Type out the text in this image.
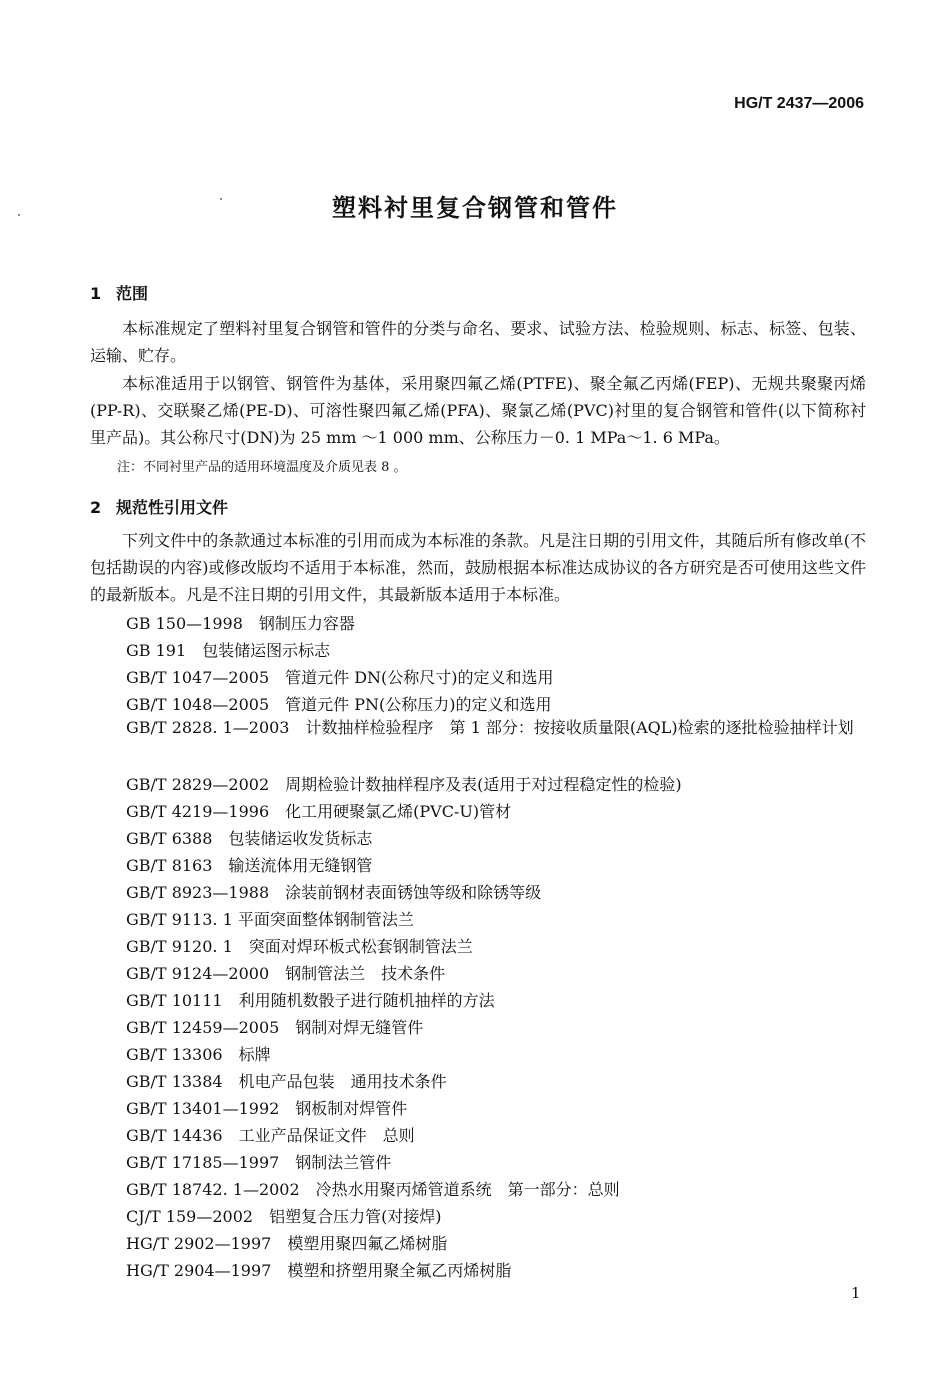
HG/T 2437—2006
塑料衬里复合钢管和管件
1 范围
本标准规定了塑料衬里复合钢管和管件的分类与命名、要求、试验方法、检验规则、标志、标签、包装、运输、贮存。
本标准适用于以钢管、钢管件为基体，采用聚四氟乙烯(PTFE)、聚全氟乙丙烯(FEP)、无规共聚聚丙烯(PP-R)、交联聚乙烯(PE-D)、可溶性聚四氟乙烯(PFA)、聚氯乙烯(PVC)衬里的复合钢管和管件(以下简称衬里产品)。其公称尺寸(DN)为 25 mm ～1 000 mm、公称压力－0. 1 MPa～1. 6 MPa。
注：不同衬里产品的适用环境温度及介质见表 8 。
2 规范性引用文件
下列文件中的条款通过本标准的引用而成为本标准的条款。凡是注日期的引用文件，其随后所有修改单(不包括勘误的内容)或修改版均不适用于本标准，然而，鼓励根据本标准达成协议的各方研究是否可使用这些文件的最新版本。凡是不注日期的引用文件，其最新版本适用于本标准。
GB 150—1998　钢制压力容器
GB 191　包装储运图示标志
GB/T 1047—2005　管道元件 DN(公称尺寸)的定义和选用
GB/T 1048—2005　管道元件 PN(公称压力)的定义和选用
GB/T 2828. 1—2003　计数抽样检验程序　第 1 部分：按接收质量限(AQL)检索的逐批检验抽样计划
GB/T 2829—2002　周期检验计数抽样程序及表(适用于对过程稳定性的检验)
GB/T 4219—1996　化工用硬聚氯乙烯(PVC-U)管材
GB/T 6388　包装储运收发货标志
GB/T 8163　输送流体用无缝钢管
GB/T 8923—1988　涂装前钢材表面锈蚀等级和除锈等级
GB/T 9113. 1 平面突面整体钢制管法兰
GB/T 9120. 1　突面对焊环板式松套钢制管法兰
GB/T 9124—2000　钢制管法兰　技术条件
GB/T 10111　利用随机数骰子进行随机抽样的方法
GB/T 12459—2005　钢制对焊无缝管件
GB/T 13306　标牌
GB/T 13384　机电产品包装　通用技术条件
GB/T 13401—1992　钢板制对焊管件
GB/T 14436　工业产品保证文件　总则
GB/T 17185—1997　钢制法兰管件
GB/T 18742. 1—2002　冷热水用聚丙烯管道系统　第一部分：总则
CJ/T 159—2002　铝塑复合压力管(对接焊)
HG/T 2902—1997　模塑用聚四氟乙烯树脂
HG/T 2904—1997　模塑和挤塑用聚全氟乙丙烯树脂
1
